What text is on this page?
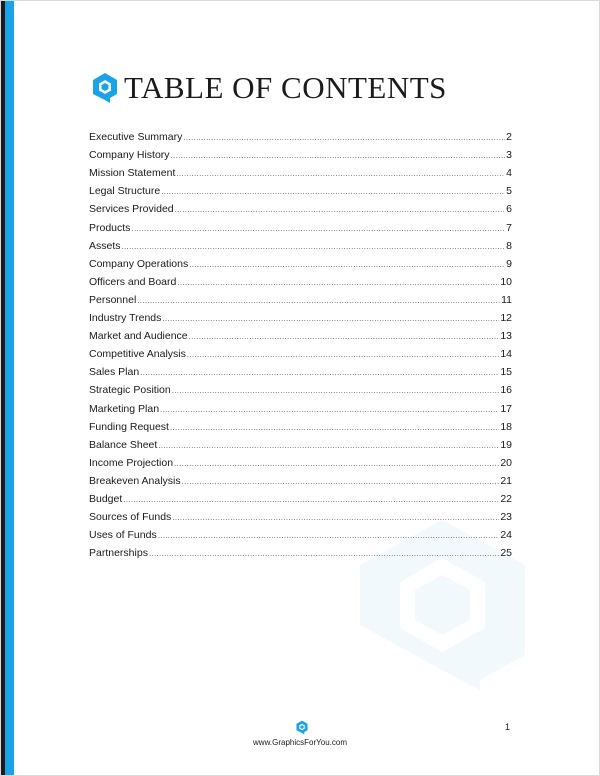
TABLE OF CONTENTS
Executive Summary .....	2
Company History .....	3
Mission Statement .....	4
Legal Structure .....	5
Services Provided .....	6
Products .....	7
Assets .....	8
Company Operations .....	9
Officers and Board .....	10
Personnel .....	11
Industry Trends .....	12
Market and Audience .....	13
Competitive Analysis .....	14
Sales Plan .....	15
Strategic Position .....	16
Marketing Plan .....	17
Funding Request .....	18
Balance Sheet .....	19
Income Projection .....	20
Breakeven Analysis .....	21
Budget .....	22
Sources of Funds .....	23
Uses of Funds .....	24
Partnerships .....	25
www.GraphicsForYou.com
1
